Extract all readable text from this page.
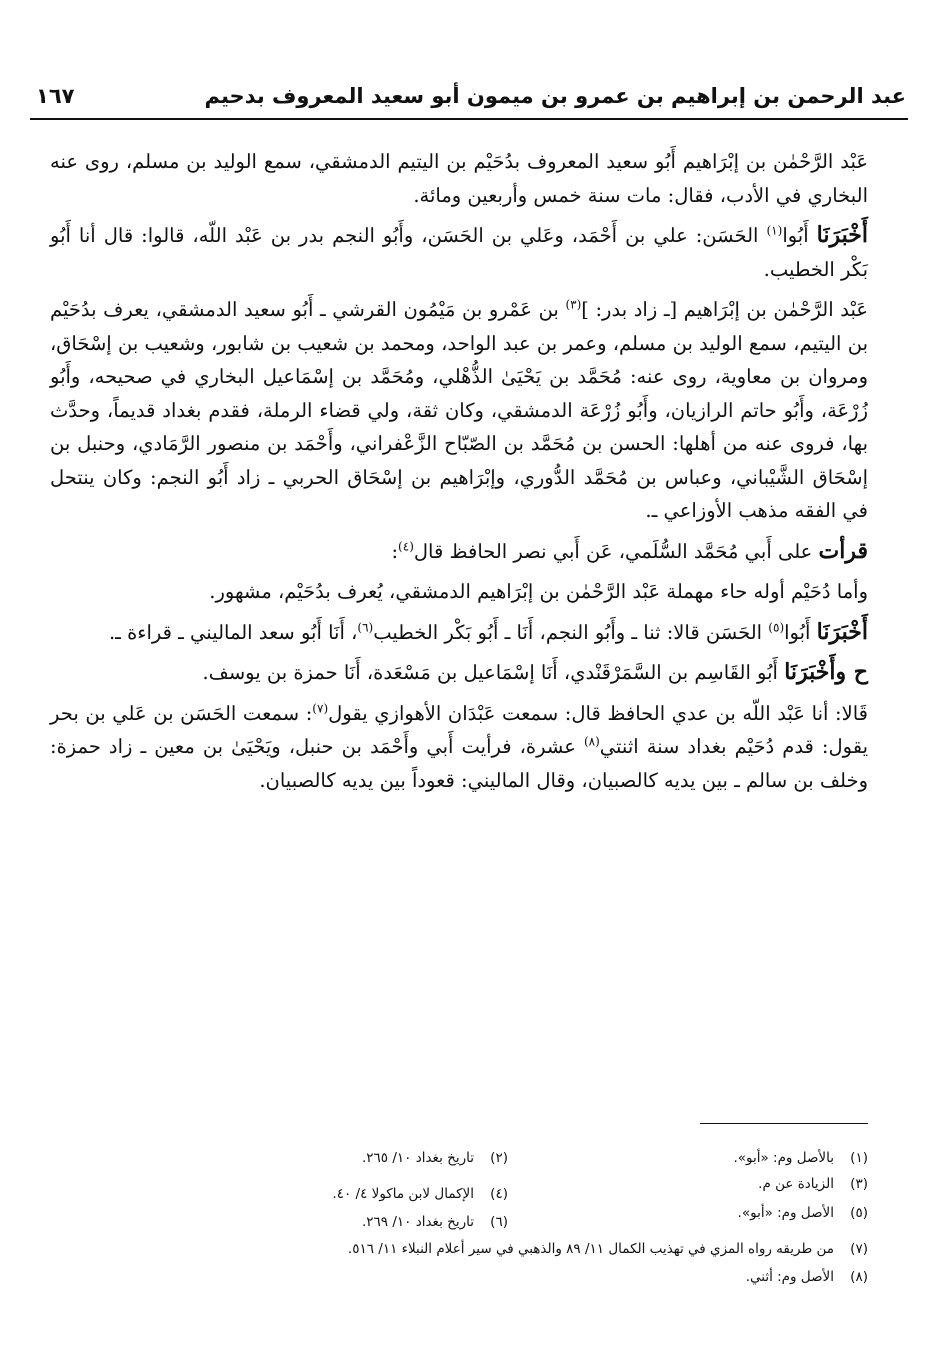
عبد الرحمن بن إبراهيم بن عمرو بن ميمون أبو سعيد المعروف بدحيم
١٦٧

عَبْد الرَّحْمٰن بن إبْرَاهيم أَبُو سعيد المعروف بدُحَيْم بن اليتيم الدمشقي، سمع الوليد بن مسلم، روى عنه البخاري في الأدب، فقال: مات سنة خمس وأربعين ومائة.

أَخْبَرَنَا أَبُوا$^{(١)}$ الحَسَن: علي بن أَحْمَد، وعَلي بن الحَسَن، وأَبُو النجم بدر بن عَبْد اللّه، قالوا: قال أنا أَبُو بَكْر الخطيب.

عَبْد الرَّحْمٰن بن إبْرَاهيم [ـ زاد بدر: ]$^{(٣)}$ بن عَمْرو بن مَيْمُون القرشي ـ أَبُو سعيد الدمشقي، يعرف بدُحَيْم بن اليتيم، سمع الوليد بن مسلم، وعمر بن عبد الواحد، ومحمد بن شعيب بن شابور، وشعيب بن إسْحَاق، ومروان بن معاوية، روى عنه: مُحَمَّد بن يَحْيَىٰ الذُّهْلي، ومُحَمَّد بن إسْمَاعيل البخاري في صحيحه، وأَبُو زُرْعَة، وأَبُو حاتم الرازيان، وأَبُو زُرْعَة الدمشقي، وكان ثقة، ولي قضاء الرملة، فقدم بغداد قديماً، وحدَّث بها، فروى عنه من أهلها: الحسن بن مُحَمَّد بن الصّبّاح الزَّعْفراني، وأَحْمَد بن منصور الرَّمَادي، وحنبل بن إسْحَاق الشَّيْباني، وعباس بن مُحَمَّد الدُّوري، وإبْرَاهيم بن إسْحَاق الحربي ـ زاد أَبُو النجم: وكان ينتحل في الفقه مذهب الأوزاعي ـ.

قرأت على أَبي مُحَمَّد السُّلَمي، عَن أَبي نصر الحافظ قال$^{(٤)}$:

وأما دُحَيْم أوله حاء مهملة عَبْد الرَّحْمٰن بن إبْرَاهيم الدمشقي، يُعرف بدُحَيْم، مشهور.

أَخْبَرَنَا أَبُوا$^{(٥)}$ الحَسَن قالا: ثنا ـ وأَبُو النجم، أَنَا ـ أَبُو بَكْر الخطيب$^{(٦)}$، أَنَا أَبُو سعد الماليني ـ قراءة ـ.

ح وأَخْبَرَنَا أَبُو القَاسِم بن السَّمَرْقَنْدي، أَنَا إسْمَاعيل بن مَسْعَدة، أَنَا حمزة بن يوسف.

قَالا: أنا عَبْد اللّه بن عدي الحافظ قال: سمعت عَبْدَان الأهوازي يقول$^{(٧)}$: سمعت الحَسَن بن عَلي بن بحر يقول: قدم دُحَيْم بغداد سنة اثنتي$^{(٨)}$ عشرة، فرأيت أَبي وأَحْمَد بن حنبل، ويَحْيَىٰ بن معين ـ زاد حمزة: وخلف بن سالم ـ بين يديه كالصبيان، وقال الماليني: قعوداً بين يديه كالصبيان.

(١)بالأصل وم: «أبو».
(٢)تاريخ بغداد ١٠/ ٢٦٥.
(٣)الزيادة عن م.
(٤)الإكمال لابن ماكولا ٤/ ٤٠.
(٥)الأصل وم: «أبو».
(٦)تاريخ بغداد ١٠/ ٢٦٩.
(٧)من طريقه رواه المزي في تهذيب الكمال ١١/ ٨٩ والذهبي في سير أعلام النبلاء ١١/ ٥١٦.
(٨)الأصل وم: أثني.
